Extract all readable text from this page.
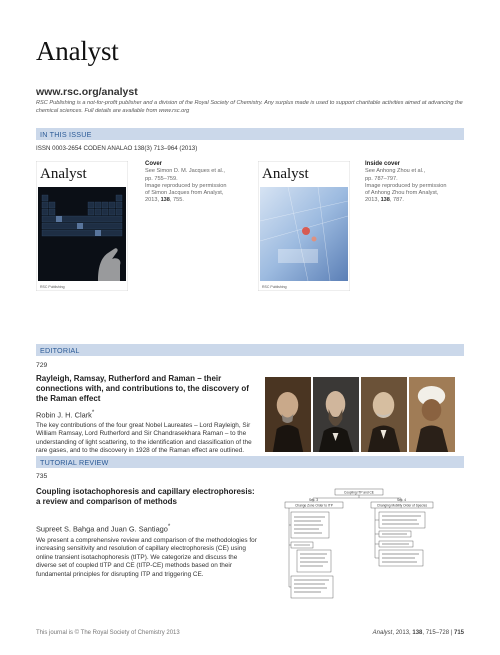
Analyst
www.rsc.org/analyst
RSC Publishing is a not-for-profit publisher and a division of the Royal Society of Chemistry. Any surplus made is used to support charitable activities aimed at advancing the chemical sciences. Full details are available from www.rsc.org
IN THIS ISSUE
ISSN 0003-2654 CODEN ANALAO 138(3) 713–964 (2013)
Analyst
RSC Publishing
Cover
See Simon D. M. Jacques et al.,
pp. 755–759.
Image reproduced by permission
of Simon Jacques from Analyst,
2013, 138, 755.
Analyst
RSC Publishing
Inside cover
See Anhong Zhou et al.,
pp. 787–797.
Image reproduced by permission
of Anhong Zhou from Analyst,
2013, 138, 787.
EDITORIAL
729
Rayleigh, Ramsay, Rutherford and Raman – their connections with, and contributions to, the discovery of the Raman effect
Robin J. H. Clark*
The key contributions of the four great Nobel Laureates – Lord Rayleigh, Sir William Ramsay, Lord Rutherford and Sir Chandrasekhara Raman – to the understanding of light scattering, to the identification and classification of the rare gases, and to the discovery in 1928 of the Raman effect are outlined.
TUTORIAL REVIEW
735
Coupling isotachophoresis and capillary electrophoresis: a review and comparison of methods
Supreet S. Bahga and Juan G. Santiago*
We present a comprehensive review and comparison of the methodologies for increasing sensitivity and resolution of capillary electrophoresis (CE) using online transient isotachophoresis (tITP). We categorize and discuss the diverse set of coupled tITP and CE (tITP-CE) methods based on their fundamental principles for disrupting ITP and triggering CE.
Coupling ITP and CE
Sec. 3	Sec. 4
Change Zone Order to ITP	Changing Mobility Order of Species
This journal is © The Royal Society of Chemistry 2013	Analyst, 2013, 138, 715–728 | 715
